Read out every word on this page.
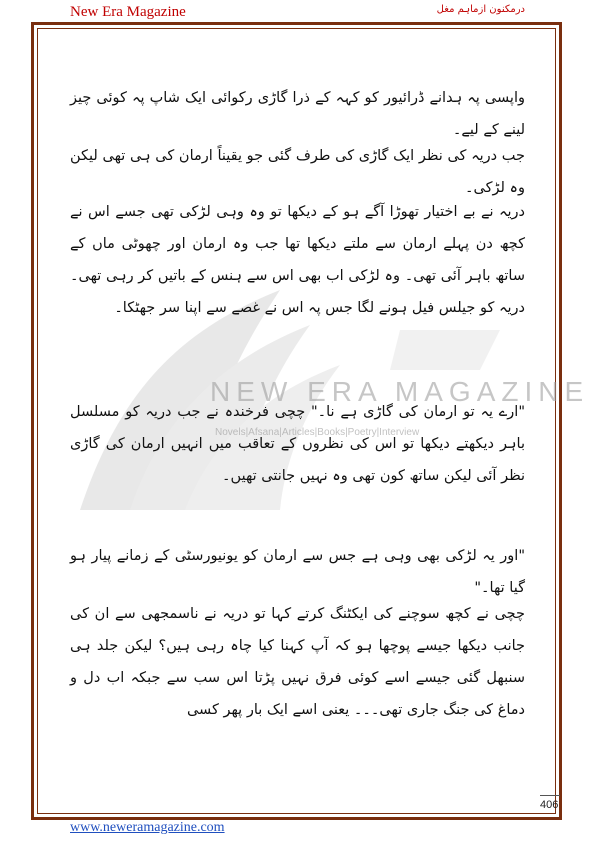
New Era Magazine	درمکنون ازماہم مغل
NEW ERA MAGAZINE
Novels|Afsana|Articles|Books|Poetry|Interview

واپسی پہ ہدانے ڈرائیور کو کہہ کے ذرا گاڑی رکوائی ایک شاپ پہ کوئی چیز لینے کے لیے۔

جب دریہ کی نظر ایک گاڑی کی طرف گئی جو یقیناً ارمان کی ہی تھی لیکن وہ لڑکی۔

دریہ نے بے اختیار تھوڑا آگے ہو کے دیکھا تو وہ وہی لڑکی تھی جسے اس نے کچھ دن پہلے ارمان سے ملتے دیکھا تھا جب وہ ارمان اور چھوٹی ماں کے ساتھ باہر آئی تھی۔ وہ لڑکی اب بھی اس سے ہنس کے باتیں کر رہی تھی۔ دریہ کو جیلس فیل ہونے لگا جس پہ اس نے غصے سے اپنا سر جھٹکا۔

"ارے یہ تو ارمان کی گاڑی ہے نا۔" چچی فرخندہ نے جب دریہ کو مسلسل باہر دیکھتے دیکھا تو اس کی نظروں کے تعاقب میں انہیں ارمان کی گاڑی نظر آئی لیکن ساتھ کون تھی وہ نہیں جانتی تھیں۔

"اور یہ لڑکی بھی وہی ہے جس سے ارمان کو یونیورسٹی کے زمانے پیار ہو گیا تھا۔"

چچی نے کچھ سوچنے کی ایکٹنگ کرتے کہا تو دریہ نے ناسمجھی سے ان کی جانب دیکھا جیسے پوچھا ہو کہ آپ کہنا کیا چاہ رہی ہیں؟ لیکن جلد ہی سنبھل گئی جیسے اسے کوئی فرق نہیں پڑتا اس سب سے جبکہ اب دل و دماغ کی جنگ جاری تھی۔۔۔ یعنی اسے ایک بار پھر کسی

406
www.neweramagazine.com
